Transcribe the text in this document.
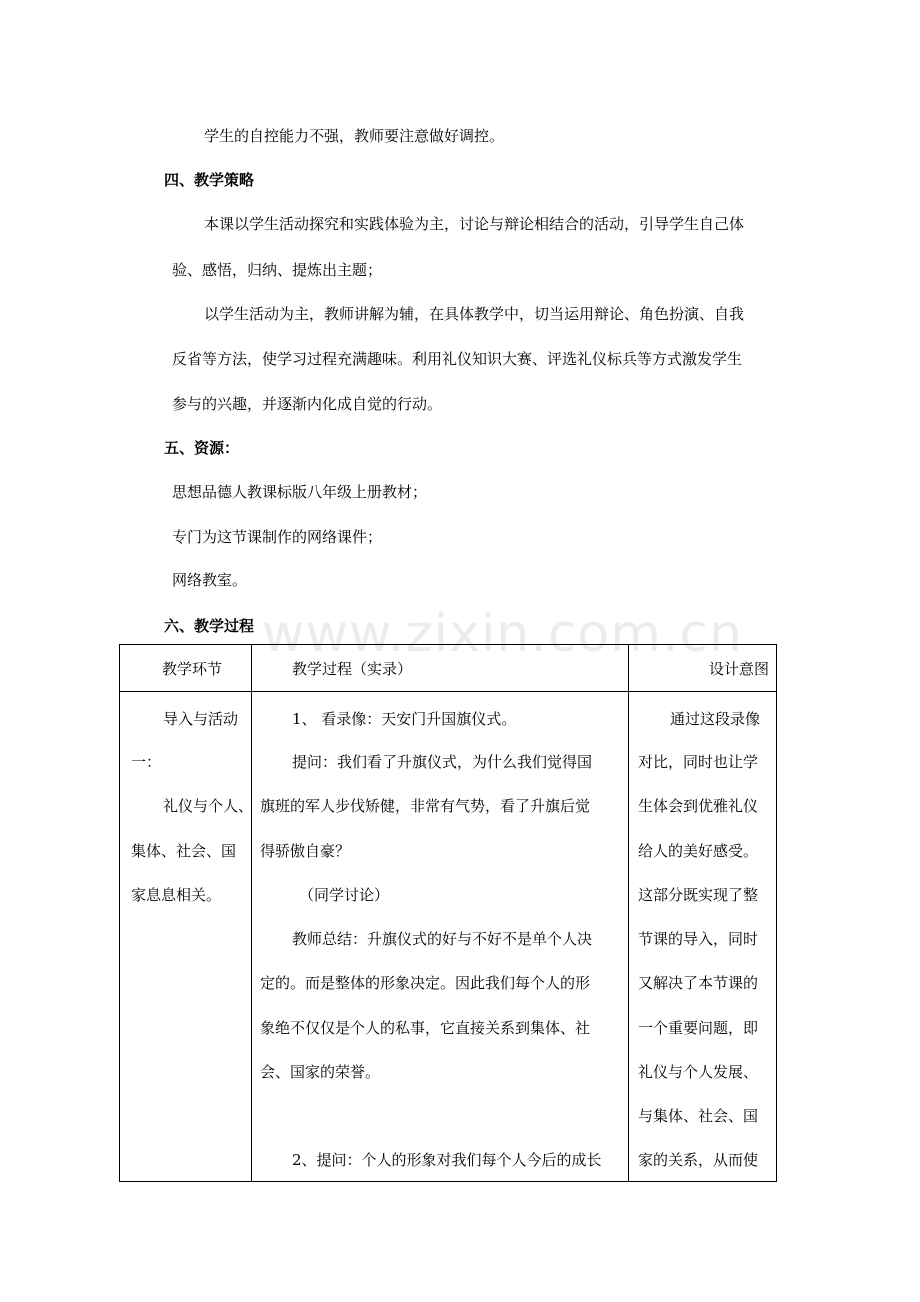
www.zixin.com.cn
学生的自控能力不强，教师要注意做好调控。
四、教学策略
本课以学生活动探究和实践体验为主，讨论与辩论相结合的活动，引导学生自己体
验、感悟，归纳、提炼出主题；
以学生活动为主，教师讲解为辅，在具体教学中，切当运用辩论、角色扮演、自我
反省等方法，使学习过程充满趣味。利用礼仪知识大赛、评选礼仪标兵等方式激发学生
参与的兴趣，并逐渐内化成自觉的行动。
五、资源：
思想品德人教课标版八年级上册教材；
专门为这节课制作的网络课件；
网络教室。
六、教学过程
教学环节	教学过程（实录）	设计意图
导入与活动
一：
礼仪与个人、
集体、社会、国
家息息相关。
1、 看录像：天安门升国旗仪式。
提问：我们看了升旗仪式，为什么我们觉得国
旗班的军人步伐矫健，非常有气势，看了升旗后觉
得骄傲自豪？
（同学讨论）
教师总结：升旗仪式的好与不好不是单个人决
定的。而是整体的形象决定。因此我们每个人的形
象绝不仅仅是个人的私事，它直接关系到集体、社
会、国家的荣誉。
2、提问：个人的形象对我们每个人今后的成长
通过这段录像
对比，同时也让学
生体会到优雅礼仪
给人的美好感受。
这部分既实现了整
节课的导入，同时
又解决了本节课的
一个重要问题，即
礼仪与个人发展、
与集体、社会、国
家的关系，从而使
